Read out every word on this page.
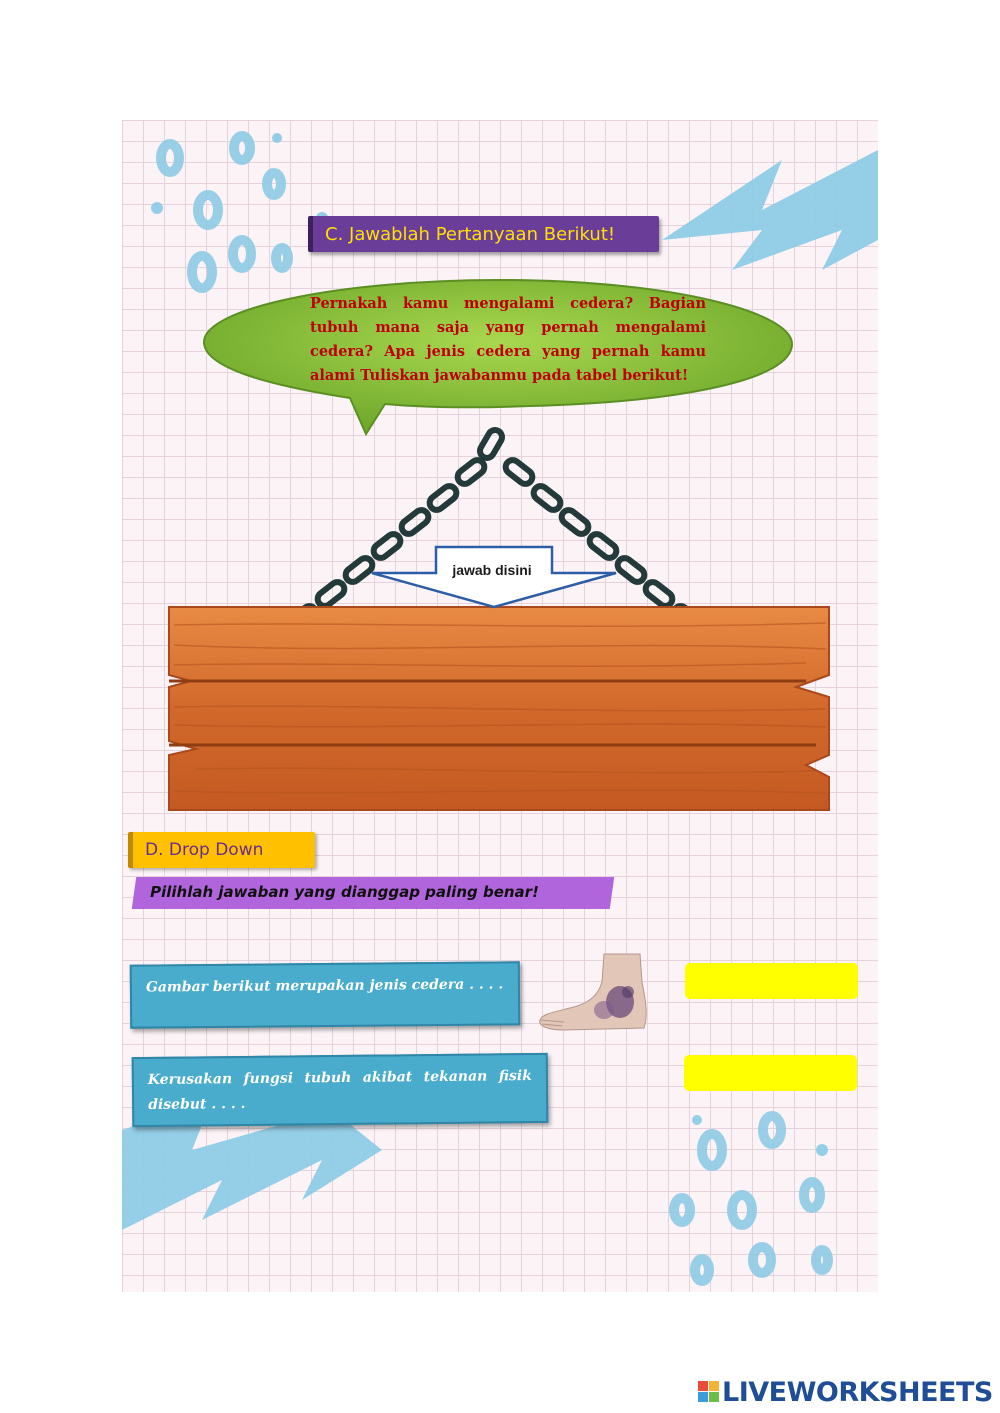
C. Jawablah Pertanyaan Berikut!
Pernakah kamu mengalami cedera? Bagian tubuh mana saja yang pernah mengalami cedera? Apa jenis cedera yang pernah kamu alami Tuliskan jawabanmu pada tabel berikut!
jawab disini
D. Drop Down
Pilihlah jawaban yang dianggap paling benar!
Gambar berikut merupakan jenis cedera . . . .
Kerusakan fungsi tubuh akibat tekanan fisik disebut . . . .
LIVEWORKSHEETS
